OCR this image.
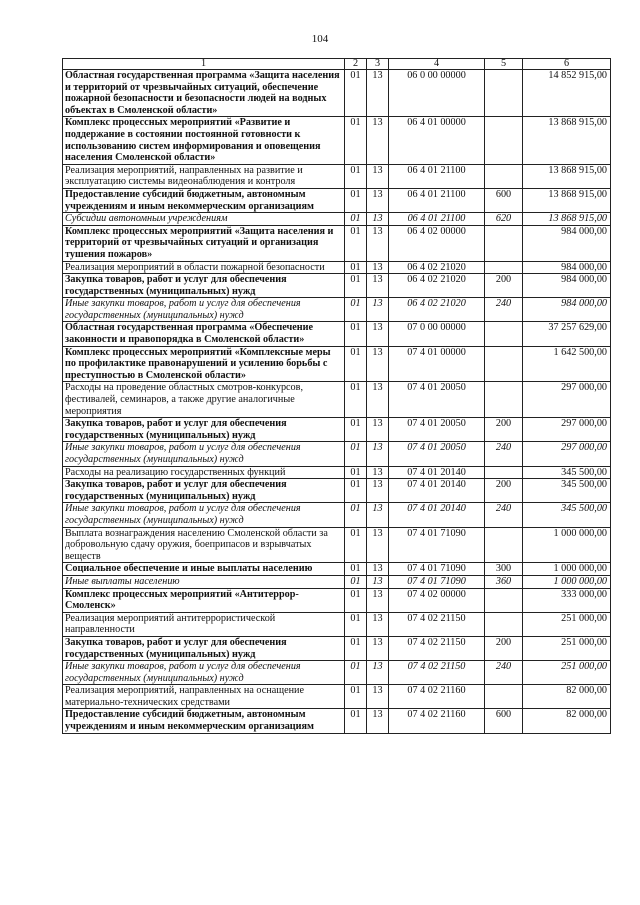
104
1	2	3	4	5	6
Областная государственная программа «Защита населения и территорий от чрезвычайных ситуаций, обеспечение пожарной безопасности и безопасности людей на водных объектах в Смоленской области»	01	13	06 0 00 00000		14 852 915,00
Комплекс процессных мероприятий «Развитие и поддержание в состоянии постоянной готовности к использованию систем информирования и оповещения населения Смоленской области»	01	13	06 4 01 00000		13 868 915,00
Реализация мероприятий, направленных на развитие и эксплуатацию системы видеонаблюдения и контроля	01	13	06 4 01 21100		13 868 915,00
Предоставление субсидий бюджетным, автономным учреждениям и иным некоммерческим организациям	01	13	06 4 01 21100	600	13 868 915,00
Субсидии автономным учреждениям	01	13	06 4 01 21100	620	13 868 915,00
Комплекс процессных мероприятий «Защита населения и территорий от чрезвычайных ситуаций и организация тушения пожаров»	01	13	06 4 02 00000		984 000,00
Реализация мероприятий в области пожарной безопасности	01	13	06 4 02 21020		984 000,00
Закупка товаров, работ и услуг для обеспечения государственных (муниципальных) нужд	01	13	06 4 02 21020	200	984 000,00
Иные закупки товаров, работ и услуг для обеспечения государственных (муниципальных) нужд	01	13	06 4 02 21020	240	984 000,00
Областная государственная программа «Обеспечение законности и правопорядка в Смоленской области»	01	13	07 0 00 00000		37 257 629,00
Комплекс процессных мероприятий «Комплексные меры по профилактике правонарушений и усилению борьбы с преступностью в Смоленской области»	01	13	07 4 01 00000		1 642 500,00
Расходы на проведение областных смотров-конкурсов, фестивалей, семинаров, а также другие аналогичные мероприятия	01	13	07 4 01 20050		297 000,00
Закупка товаров, работ и услуг для обеспечения государственных (муниципальных) нужд	01	13	07 4 01 20050	200	297 000,00
Иные закупки товаров, работ и услуг для обеспечения государственных (муниципальных) нужд	01	13	07 4 01 20050	240	297 000,00
Расходы на реализацию государственных функций	01	13	07 4 01 20140		345 500,00
Закупка товаров, работ и услуг для обеспечения государственных (муниципальных) нужд	01	13	07 4 01 20140	200	345 500,00
Иные закупки товаров, работ и услуг для обеспечения государственных (муниципальных) нужд	01	13	07 4 01 20140	240	345 500,00
Выплата вознаграждения населению Смоленской области за добровольную сдачу оружия, боеприпасов и взрывчатых веществ	01	13	07 4 01 71090		1 000 000,00
Социальное обеспечение и иные выплаты населению	01	13	07 4 01 71090	300	1 000 000,00
Иные выплаты населению	01	13	07 4 01 71090	360	1 000 000,00
Комплекс процессных мероприятий «Антитеррор-Смоленск»	01	13	07 4 02 00000		333 000,00
Реализация мероприятий антитеррористической направленности	01	13	07 4 02 21150		251 000,00
Закупка товаров, работ и услуг для обеспечения государственных (муниципальных) нужд	01	13	07 4 02 21150	200	251 000,00
Иные закупки товаров, работ и услуг для обеспечения государственных (муниципальных) нужд	01	13	07 4 02 21150	240	251 000,00
Реализация мероприятий, направленных на оснащение материально-технических средствами	01	13	07 4 02 21160		82 000,00
Предоставление субсидий бюджетным, автономным учреждениям и иным некоммерческим организациям	01	13	07 4 02 21160	600	82 000,00
